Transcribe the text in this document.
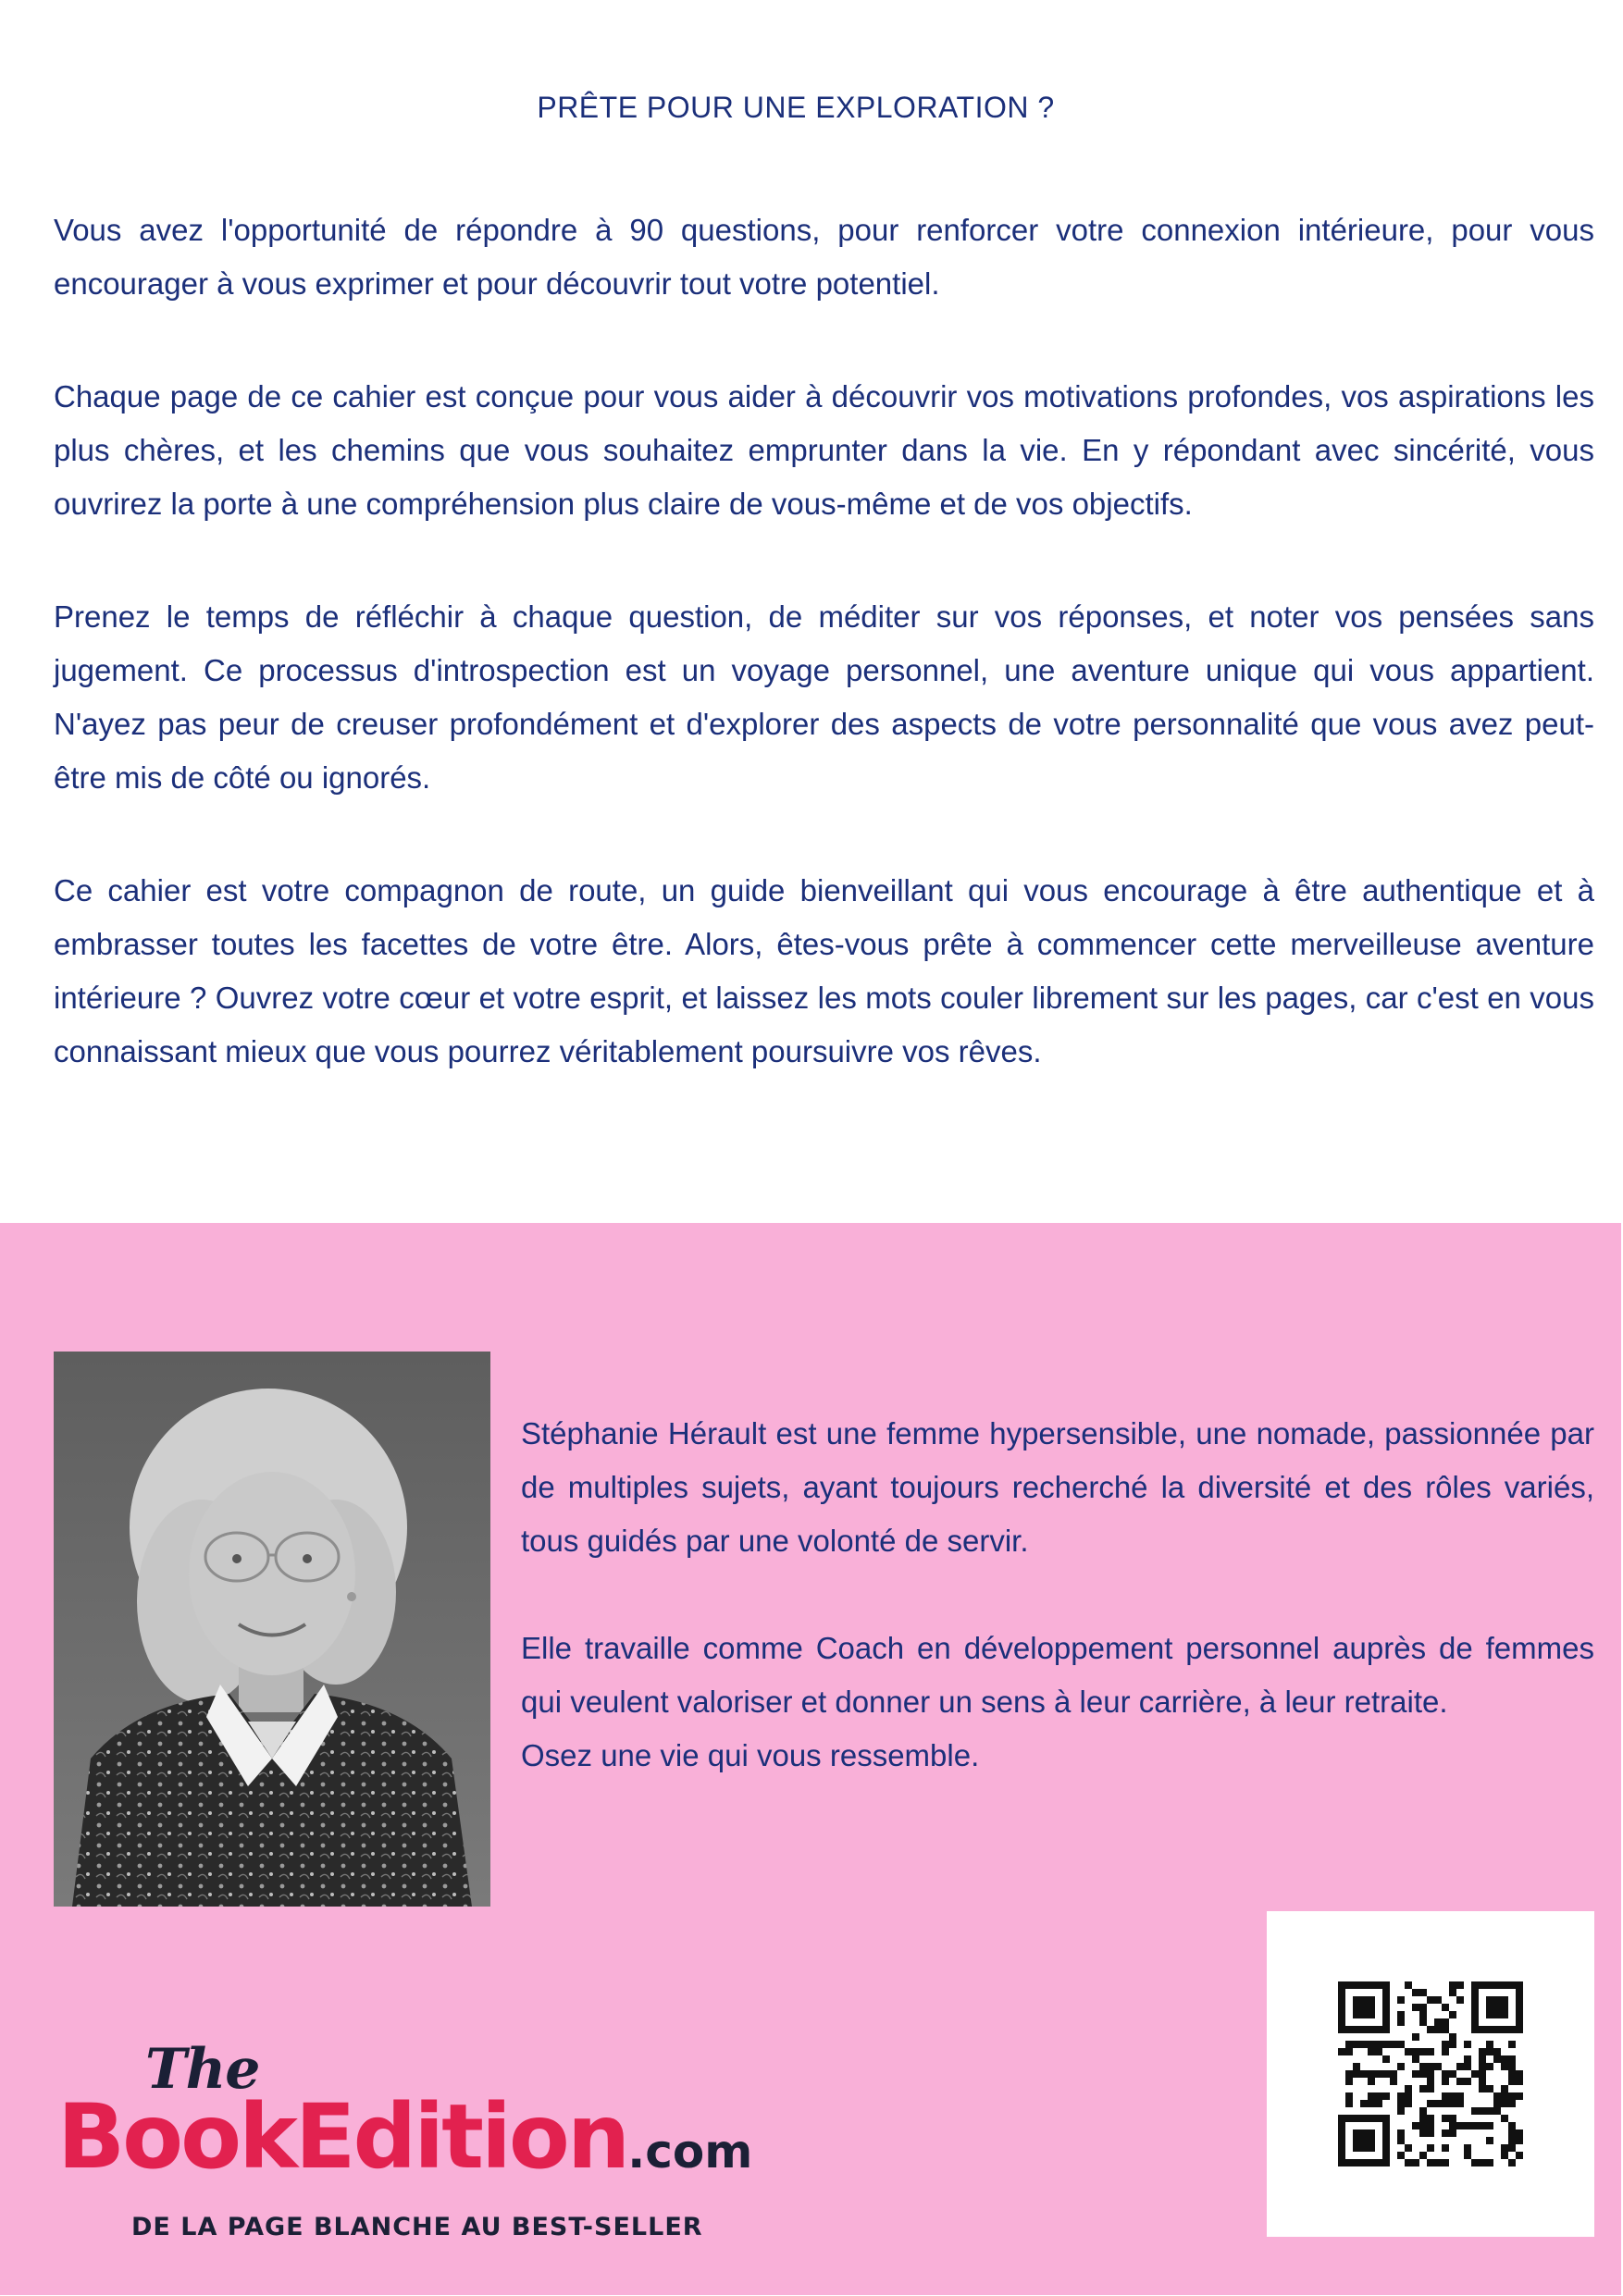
PRÊTE POUR UNE EXPLORATION ?

Vous avez l'opportunité de répondre à 90 questions, pour renforcer votre connexion intérieure, pour vous encourager à vous exprimer et pour découvrir tout votre potentiel.

Chaque page de ce cahier est conçue pour vous aider à découvrir vos motivations profondes, vos aspirations les plus chères, et les chemins que vous souhaitez emprunter dans la vie. En y répondant avec sincérité, vous ouvrirez la porte à une compréhension plus claire de vous-même et de vos objectifs.

Prenez le temps de réfléchir à chaque question, de méditer sur vos réponses, et noter vos pensées sans jugement. Ce processus d'introspection est un voyage personnel, une aventure unique qui vous appartient. N'ayez pas peur de creuser profondément et d'explorer des aspects de votre personnalité que vous avez peut-être mis de côté ou ignorés.

Ce cahier est votre compagnon de route, un guide bienveillant qui vous encourage à être authentique et à embrasser toutes les facettes de votre être. Alors, êtes-vous prête à commencer cette merveilleuse aventure intérieure ? Ouvrez votre cœur et votre esprit, et laissez les mots couler librement sur les pages, car c'est en vous connaissant mieux que vous pourrez véritablement poursuivre vos rêves.

Stéphanie Hérault est une femme hypersensible, une nomade, passionnée par de multiples sujets, ayant toujours recherché la diversité et des rôles variés, tous guidés par une volonté de servir.

Elle travaille comme Coach en développement personnel auprès de femmes qui veulent valoriser et donner un sens à leur carrière, à leur retraite.

Osez une vie qui vous ressemble.

The
BookEdition.com
DE LA PAGE BLANCHE AU BEST-SELLER
